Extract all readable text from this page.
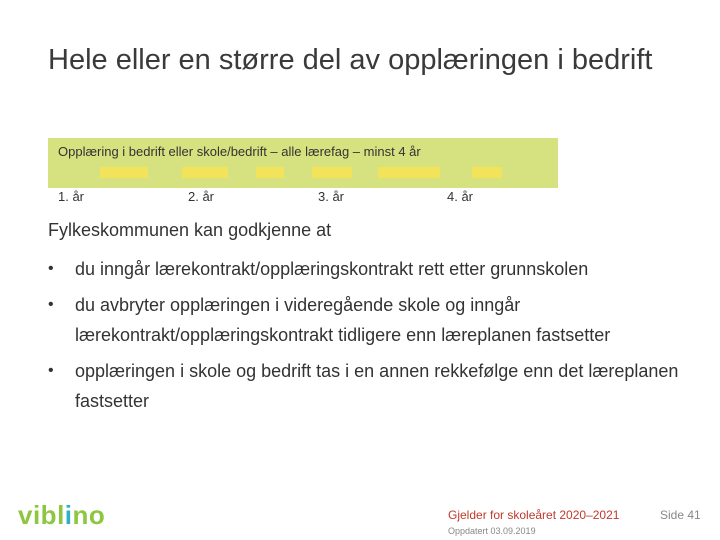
Hele eller en større del av opplæringen i bedrift
Opplæring i bedrift eller skole/bedrift – alle lærefag – minst 4 år
1. år	2. år	3. år	4. år

Fylkeskommunen kan godkjenne at

• du inngår lærekontrakt/opplæringskontrakt rett etter grunnskolen
• du avbryter opplæringen i videregående skole og inngår lærekontrakt/opplæringskontrakt tidligere enn læreplanen fastsetter
• opplæringen i skole og bedrift tas i en annen rekkefølge enn det læreplanen fastsetter
viblino	Gjelder for skoleåret 2020–2021
Oppdatert 03.09.2019
Side 41
